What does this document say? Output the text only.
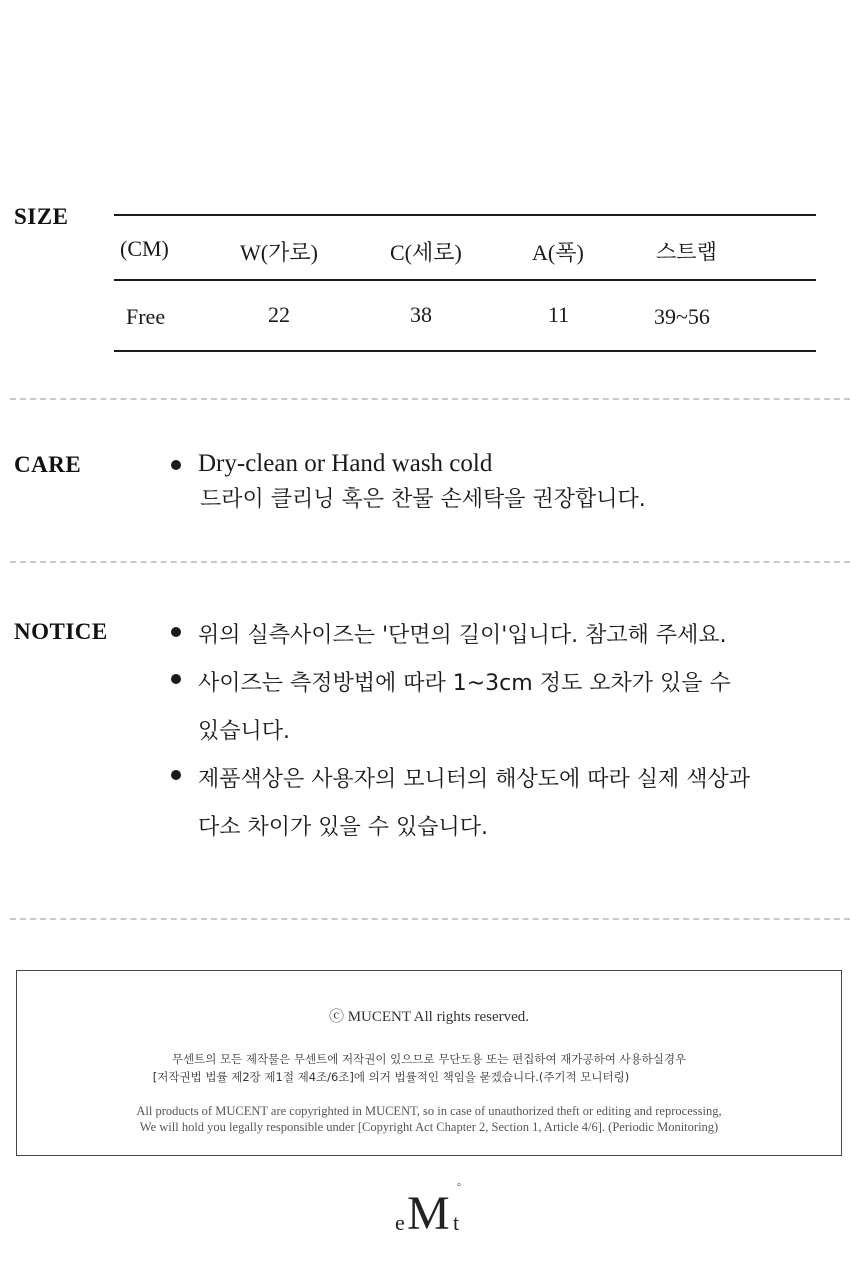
SIZE
(CM)	W(가로)	C(세로)	A(폭)	스트랩
Free	22	38	11	39~56
CARE	Dry-clean or Hand wash cold
드라이 클리닝 혹은 찬물 손세탁을 권장합니다.
NOTICE	위의 실측사이즈는 '단면의 길이'입니다. 참고해 주세요.
사이즈는 측정방법에 따라 1~3cm 정도 오차가 있을 수
있습니다.
제품색상은 사용자의 모니터의 해상도에 따라 실제 색상과
다소 차이가 있을 수 있습니다.
ⓒ MUCENT All rights reserved.
무센트의 모든 제작물은 무센트에 저작권이 있으므로 무단도용 또는 편집하여 재가공하여 사용하실경우
[저작권법 법률 제2장 제1절 제4조/6조]에 의거 법률적인 책임을 묻겠습니다.(주기적 모니터링)
All products of MUCENT are copyrighted in MUCENT, so in case of unauthorized theft or editing and reprocessing,
We will hold you legally responsible under [Copyright Act Chapter 2, Section 1, Article 4/6]. (Periodic Monitoring)
e M t
°
